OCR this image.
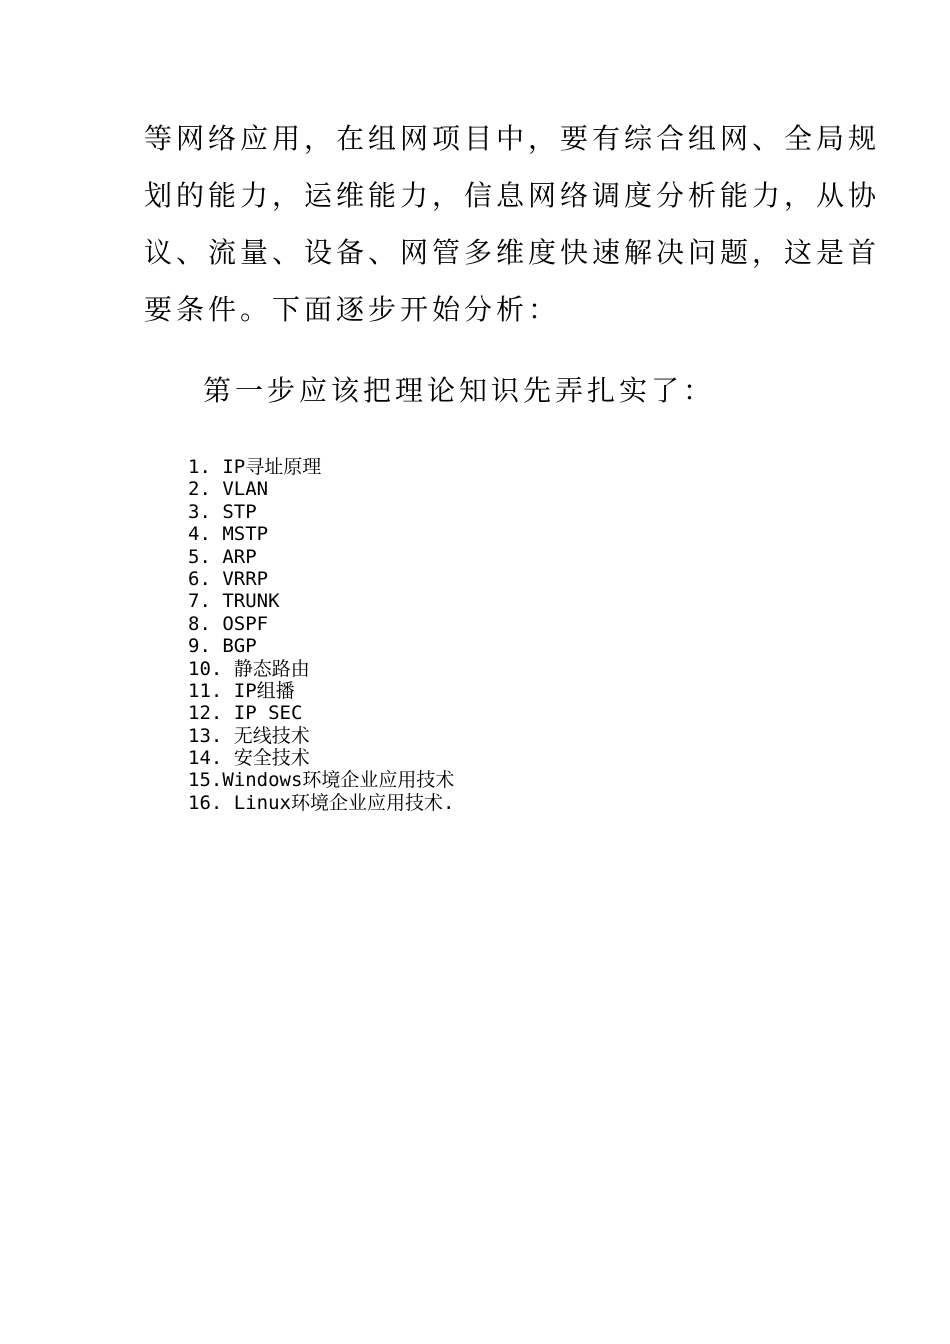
等网络应用，在组网项目中，要有综合组网、全局规
划的能力，运维能力，信息网络调度分析能力，从协
议、流量、设备、网管多维度快速解决问题，这是首
要条件。下面逐步开始分析：
第一步应该把理论知识先弄扎实了：
1. IP寻址原理
2. VLAN
3. STP
4. MSTP
5. ARP
6. VRRP
7. TRUNK
8. OSPF
9. BGP
10. 静态路由
11. IP组播
12. IP SEC
13. 无线技术
14. 安全技术
15.Windows环境企业应用技术
16. Linux环境企业应用技术.
